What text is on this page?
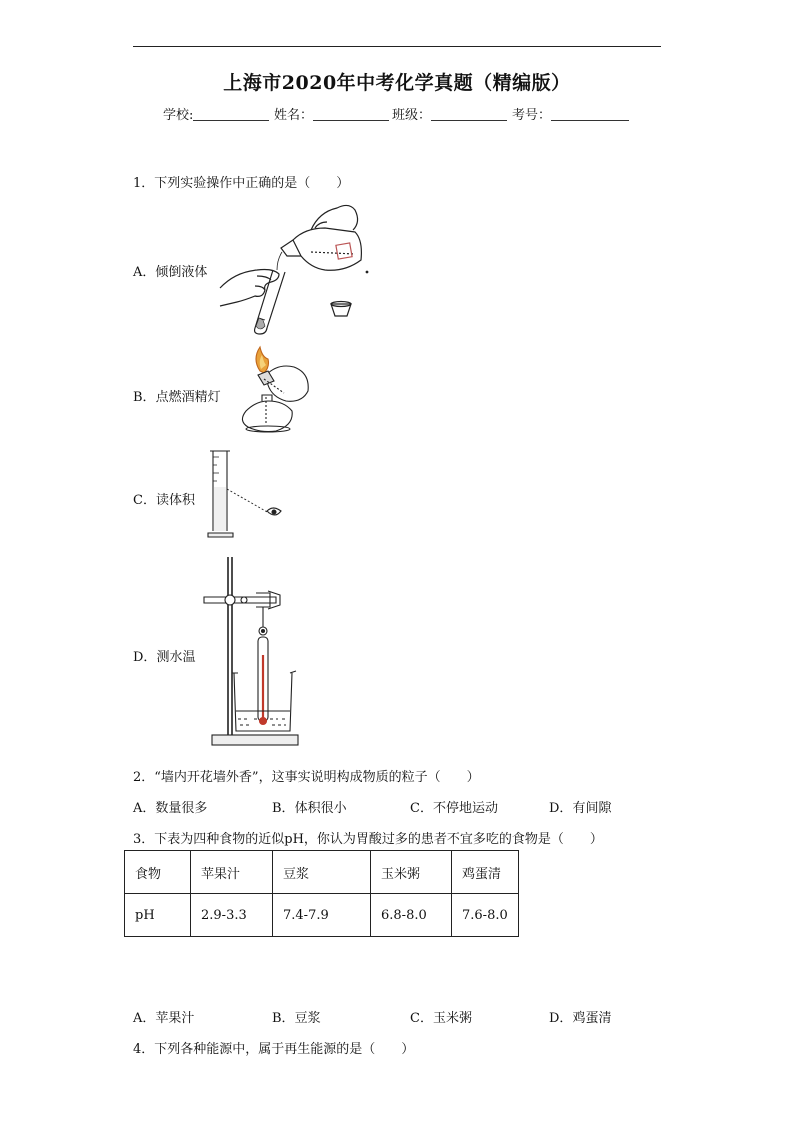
上海市2020年中考化学真题（精编版）
学校:	姓名：	班级：	考号：
1．下列实验操作中正确的是（　　）
A．倾倒液体
B．点燃酒精灯
C．读体积
D．测水温
2．“墙内开花墙外香”，这事实说明构成物质的粒子（　　）
A．数量很多	B．体积很小	C．不停地运动	D．有间隙
3．下表为四种食物的近似pH，你认为胃酸过多的患者不宜多吃的食物是（　　）
食物	苹果汁	豆浆	玉米粥	鸡蛋清
pH	2.9-3.3	7.4-7.9	6.8-8.0	7.6-8.0
A．苹果汁	B．豆浆	C．玉米粥	D．鸡蛋清
4．下列各种能源中，属于再生能源的是（　　）
